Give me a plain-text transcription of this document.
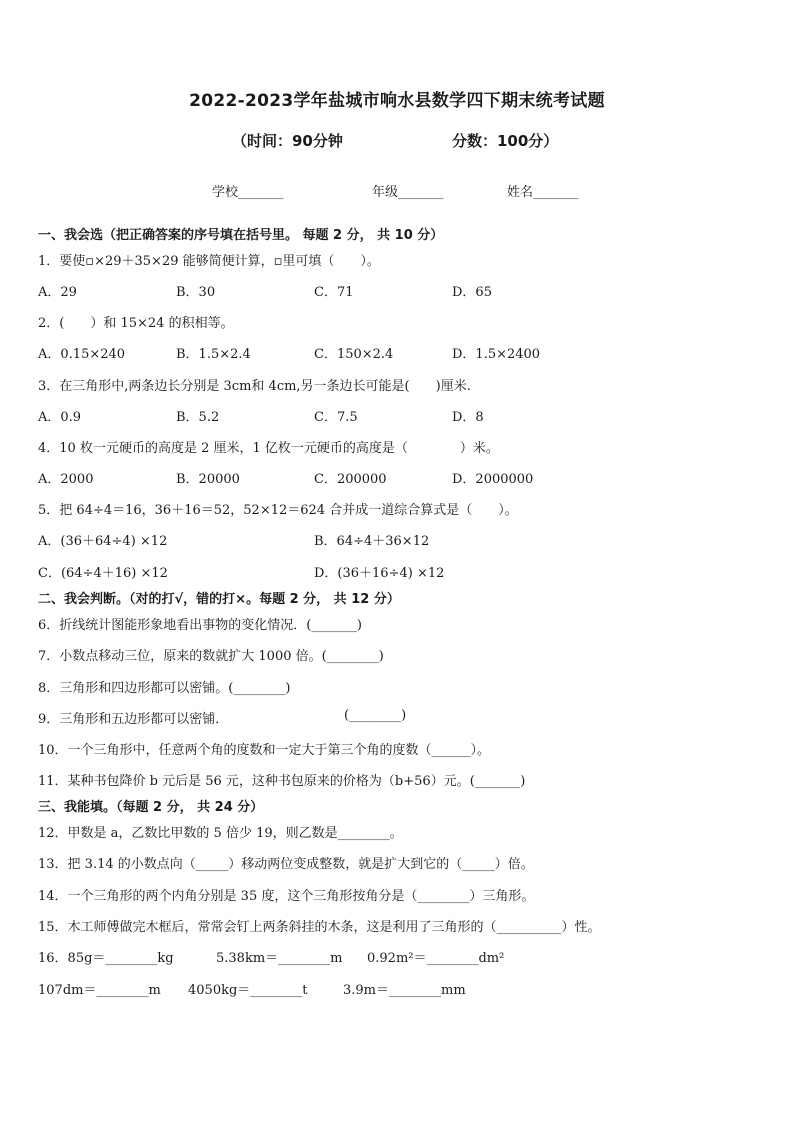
2022-2023学年盐城市响水县数学四下期末统考试题
（时间：90分钟	分数：100分）
学校_______	年级_______	姓名_______
一、我会选（把正确答案的序号填在括号里。 每题 2 分， 共 10 分）
1．要使▫×29＋35×29 能够简便计算，▫里可填（　　）。
A．29	B．30	C．71	D．65
2．(　　）和 15×24 的积相等。
A．0.15×240	B．1.5×2.4	C．150×2.4	D．1.5×2400
3．在三角形中,两条边长分别是 3cm和 4cm,另一条边长可能是(　　)厘米.
A．0.9	B．5.2	C．7.5	D．8
4．10 枚一元硬币的高度是 2 厘米，1 亿枚一元硬币的高度是（　　　　）米。
A．2000	B．20000	C．200000	D．2000000
5．把 64÷4＝16，36＋16＝52，52×12＝624 合并成一道综合算式是（　　）。
A．(36＋64÷4) ×12	B．64÷4＋36×12
C．(64÷4＋16) ×12	D．(36＋16÷4) ×12
二、我会判断。（对的打√，错的打×。每题 2 分， 共 12 分）
6．折线统计图能形象地看出事物的变化情况．(_______)
7．小数点移动三位，原来的数就扩大 1000 倍。(________)
8．三角形和四边形都可以密铺。(________)
9．三角形和五边形都可以密铺．	(________)
10．一个三角形中，任意两个角的度数和一定大于第三个角的度数（______）。
11．某种书包降价 b 元后是 56 元，这种书包原来的价格为（b+56）元。(_______)
三、我能填。（每题 2 分， 共 24 分）
12．甲数是 a，乙数比甲数的 5 倍少 19，则乙数是________。
13．把 3.14 的小数点向（_____）移动两位变成整数，就是扩大到它的（_____）倍。
14．一个三角形的两个内角分别是 35 度，这个三角形按角分是（________）三角形。
15．木工师傅做完木框后，常常会钉上两条斜挂的木条，这是利用了三角形的（__________）性。
16．85g＝________kg	5.38km＝________m 0.92m²＝________dm²
107dm＝________m 4050kg＝________t	3.9m＝________mm
